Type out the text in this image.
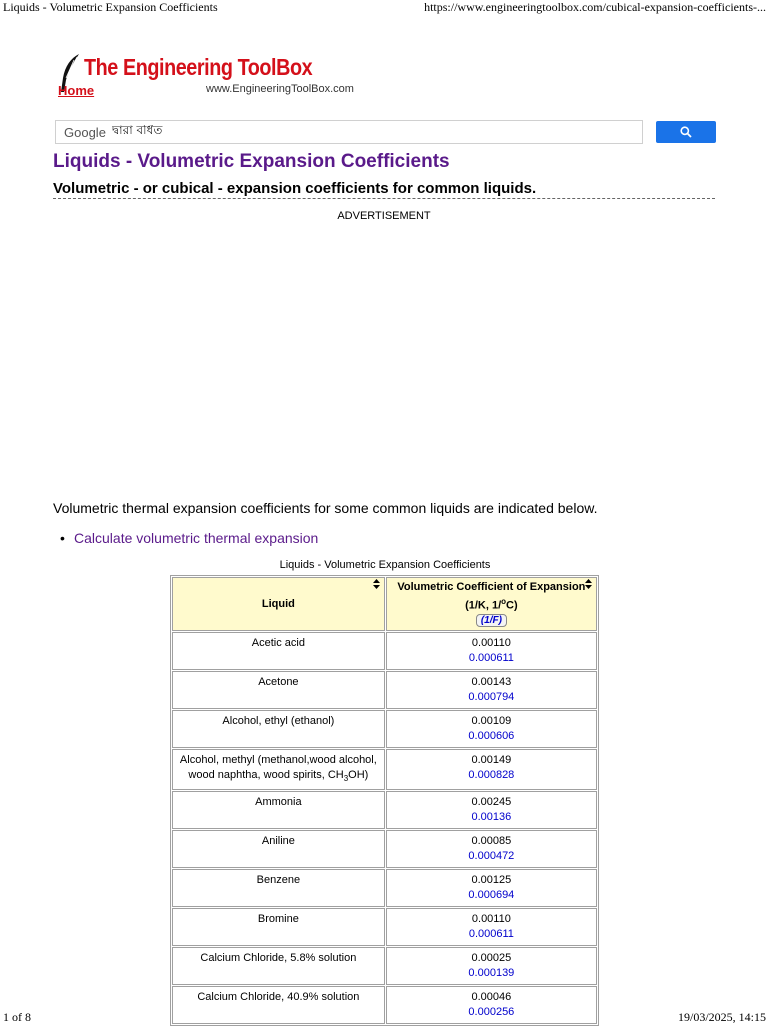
Liquids - Volumetric Expansion Coefficients	https://www.engineeringtoolbox.com/cubical-expansion-coefficients-...
The Engineering ToolBox
Home	www.EngineeringToolBox.com
Google
দ্বারা বর্ধিত
Liquids - Volumetric Expansion Coefficients
Volumetric - or cubical - expansion coefficients for common liquids.
ADVERTISEMENT
Volumetric thermal expansion coefficients for some common liquids are indicated below.
• Calculate volumetric thermal expansion
Liquids - Volumetric Expansion Coefficients
Liquid	Volumetric Coefficient of Expansion
(1/K, 1/$^o$C)
(1/F)
Acetic acid	0.00110
0.000611

Acetone	0.00143
0.000794

Alcohol, ethyl (ethanol)	0.00109
0.000606

Alcohol, methyl (methanol,wood alcohol, wood naphtha, wood spirits, $CH_3OH$)	0.00149
0.000828

Ammonia	0.00245
0.00136

Aniline	0.00085
0.000472

Benzene	0.00125
0.000694

Bromine	0.00110
0.000611

Calcium Chloride, 5.8% solution	0.00025
0.000139

Calcium Chloride, 40.9% solution	0.00046
0.000256
1 of 8	19/03/2025, 14:15
